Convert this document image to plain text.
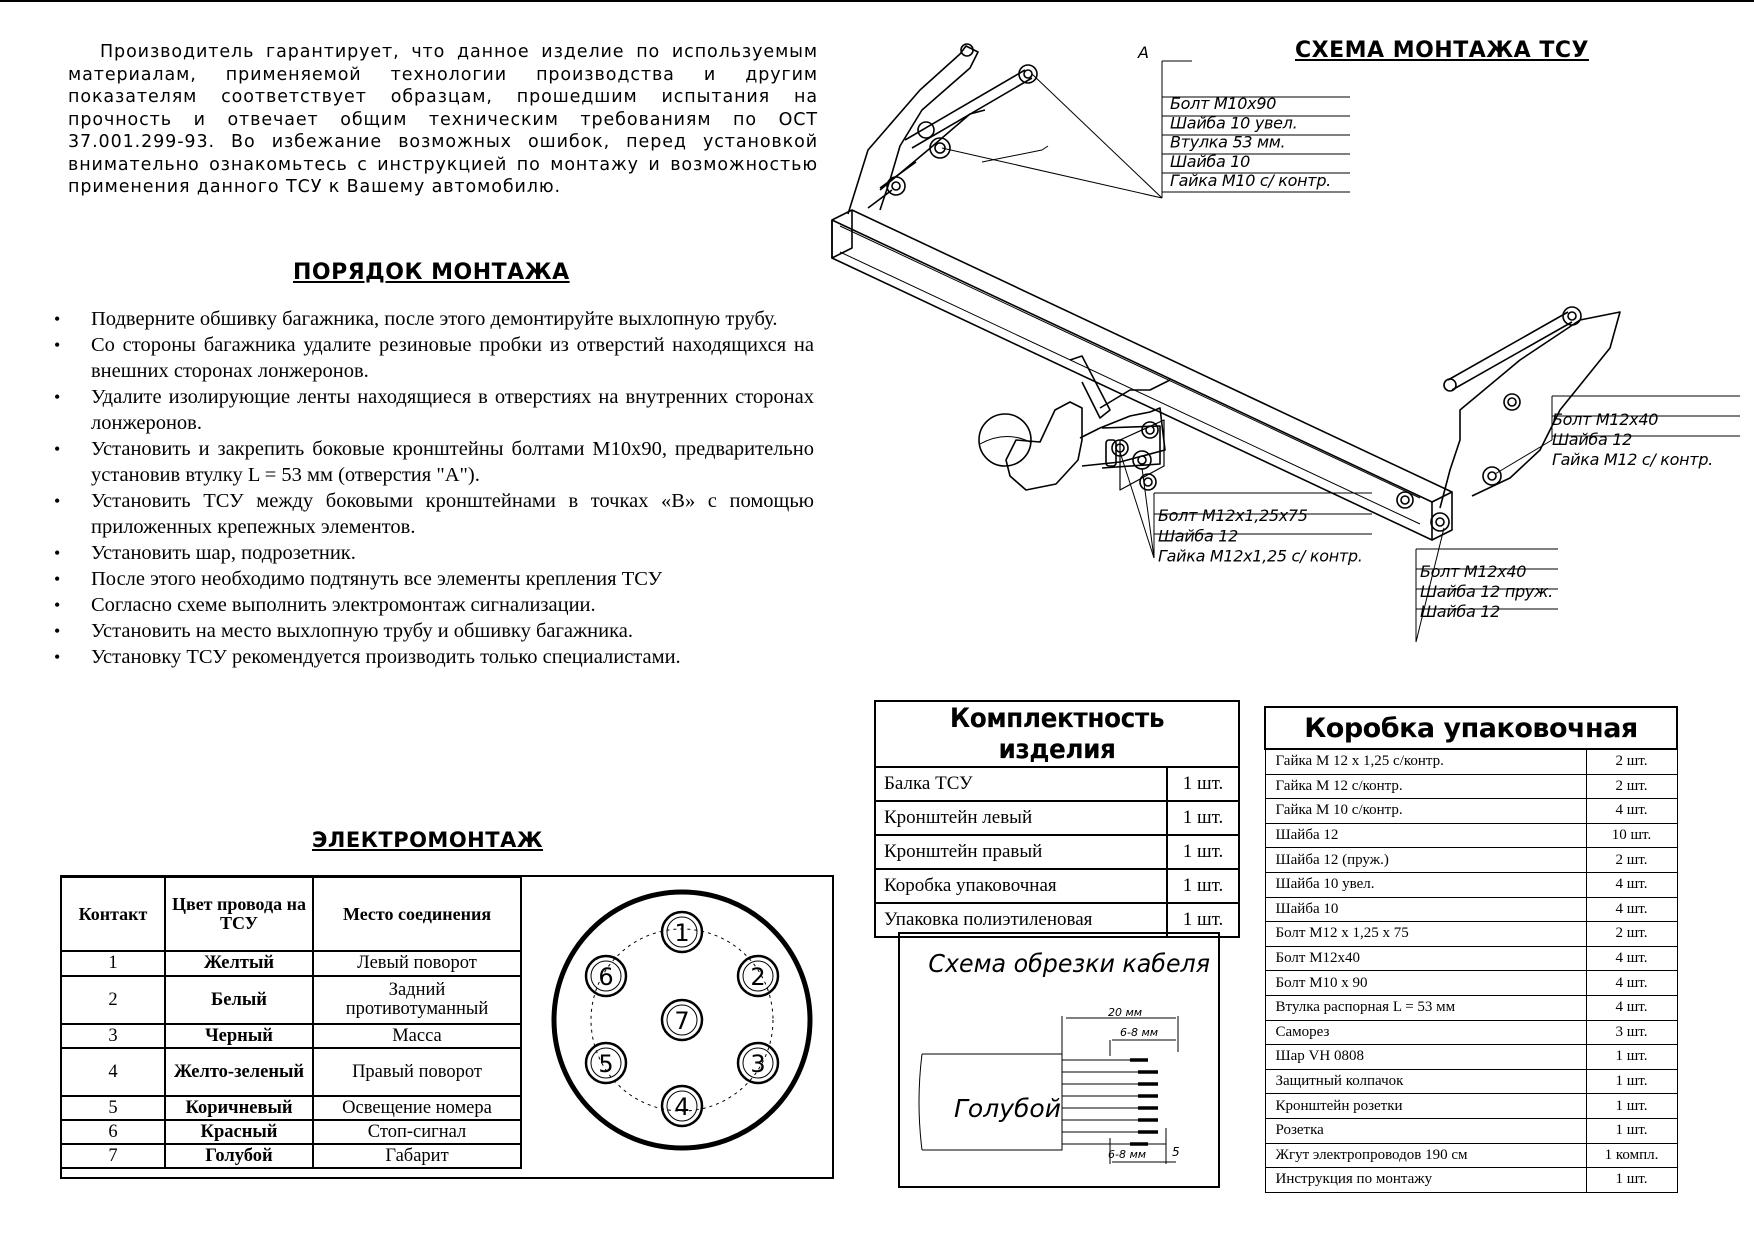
Производитель гарантирует, что данное изделие по используемым материалам, применяемой технологии производства и другим показателям соответствует образцам, прошедшим испытания на прочность и отвечает общим техническим требованиям по ОСТ 37.001.299-93. Во избежание возможных ошибок, перед установкой внимательно ознакомьтесь с инструкцией по монтажу и возможностью применения данного ТСУ к Вашему автомобилю.

ПОРЯДОК МОНТАЖА
• Подверните обшивку багажника, после этого демонтируйте выхлопную трубу.
• Со стороны багажника удалите резиновые пробки из отверстий находящихся на внешних сторонах лонжеронов.
• Удалите изолирующие ленты находящиеся в отверстиях на внутренних сторонах лонжеронов.
• Установить и закрепить боковые кронштейны болтами М10х90, предварительно установив втулку L = 53 мм (отверстия "А").
• Установить ТСУ между боковыми кронштейнами в точках «В» с помощью приложенных крепежных элементов.
• Установить шар, подрозетник.
• После этого необходимо подтянуть все элементы крепления ТСУ
• Согласно схеме выполнить электромонтаж сигнализации.
• Установить на место выхлопную трубу и обшивку багажника.
• Установку ТСУ рекомендуется производить только специалистами.
ЭЛЕКТРОМОНТАЖ
Контакт	Цвет провода на ТСУ	Место соединения
1	Желтый	Левый поворот
2	Белый	Задний противотуманный
3	Черный	Масса
4	Желто-зеленый	Правый поворот
5	Коричневый	Освещение номера
6	Красный	Стоп-сигнал
7	Голубой	Габарит
1
2
3
4
5
6
7
СХЕМА МОНТАЖА ТСУ
А
Болт М10х90
Шайба 10 увел.
Втулка 53 мм.
Шайба 10
Гайка М10 с/ контр.
Болт М12х40
Шайба 12
Гайка М12 с/ контр.
Болт М12х1,25х75
Шайба 12
Гайка М12х1,25 с/ контр.
Болт М12х40
Шайба 12 пруж.
Шайба 12
Комплектность изделия	
Балка ТСУ	1 шт.
Кронштейн левый	1 шт.
Кронштейн правый	1 шт.
Коробка упаковочная	1 шт.
Упаковка полиэтиленовая	1 шт.
Коробка упаковочная	
Гайка М 12 х 1,25 с/контр.	2 шт.
Гайка М 12 с/контр.	2 шт.
Гайка М 10 с/контр.	4 шт.
Шайба 12	10 шт.
Шайба 12 (пруж.)	2 шт.
Шайба 10 увел.	4 шт.
Шайба 10	4 шт.
Болт М12 х 1,25 х 75	2 шт.
Болт М12х40	4 шт.
Болт М10 х 90	4 шт.
Втулка распорная L = 53 мм	4 шт.
Саморез	3 шт.
Шар VH 0808	1 шт.
Защитный колпачок	1 шт.
Кронштейн розетки	1 шт.
Розетка	1 шт.
Жгут электропроводов 190 см	1 компл.
Инструкция по монтажу	1 шт.
Схема обрезки кабеля
20 мм
6-8 мм
6-8 мм 5
Голубой
